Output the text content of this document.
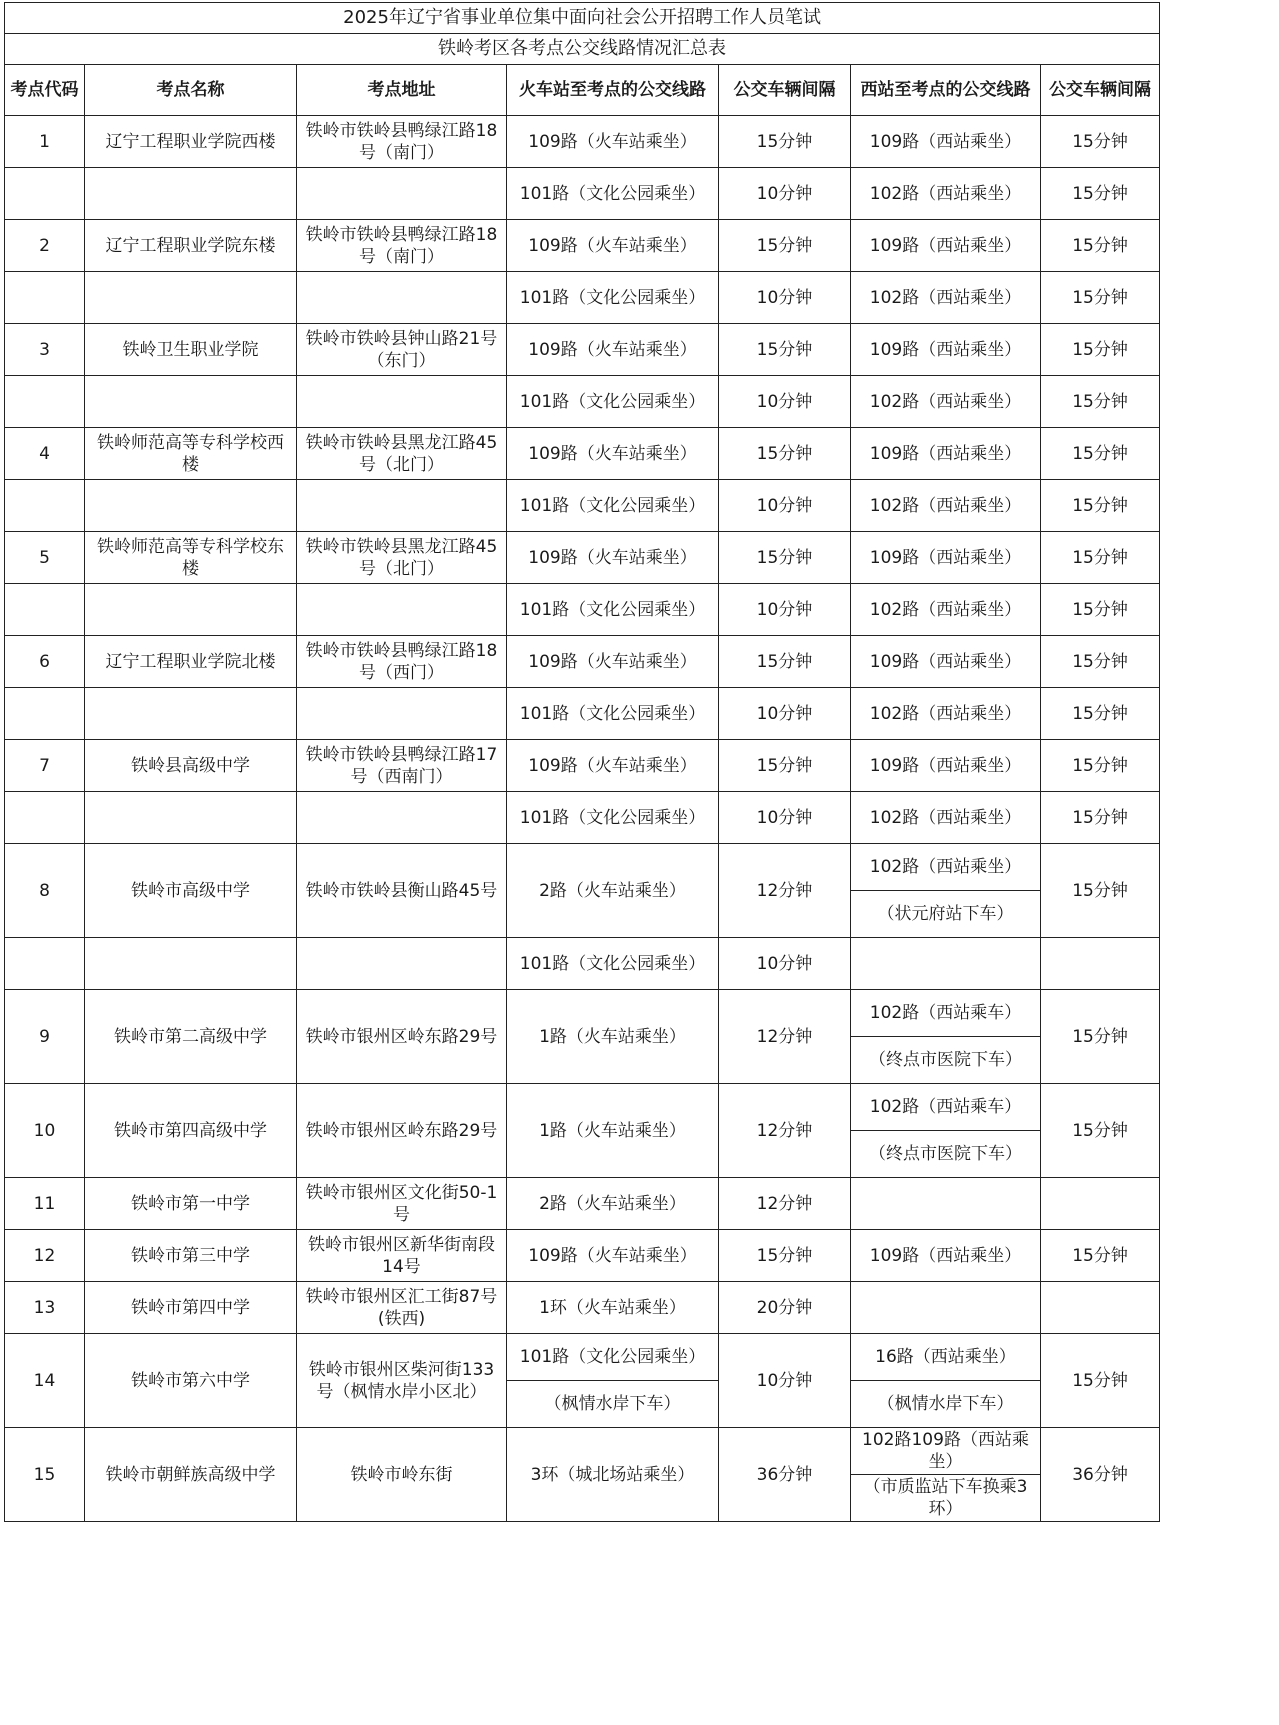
2025年辽宁省事业单位集中面向社会公开招聘工作人员笔试						
铁岭考区各考点公交线路情况汇总表						
考点代码	考点名称	考点地址	火车站至考点的公交线路	公交车辆间隔	西站至考点的公交线路	公交车辆间隔
1	辽宁工程职业学院西楼	铁岭市铁岭县鸭绿江路18号（南门）	109路（火车站乘坐）	15分钟	109路（西站乘坐）	15分钟
			101路（文化公园乘坐）	10分钟	102路（西站乘坐）	15分钟
2	辽宁工程职业学院东楼	铁岭市铁岭县鸭绿江路18号（南门）	109路（火车站乘坐）	15分钟	109路（西站乘坐）	15分钟
			101路（文化公园乘坐）	10分钟	102路（西站乘坐）	15分钟
3	铁岭卫生职业学院	铁岭市铁岭县钟山路21号（东门）	109路（火车站乘坐）	15分钟	109路（西站乘坐）	15分钟
			101路（文化公园乘坐）	10分钟	102路（西站乘坐）	15分钟
4	铁岭师范高等专科学校西楼	铁岭市铁岭县黑龙江路45号（北门）	109路（火车站乘坐）	15分钟	109路（西站乘坐）	15分钟
			101路（文化公园乘坐）	10分钟	102路（西站乘坐）	15分钟
5	铁岭师范高等专科学校东楼	铁岭市铁岭县黑龙江路45号（北门）	109路（火车站乘坐）	15分钟	109路（西站乘坐）	15分钟
			101路（文化公园乘坐）	10分钟	102路（西站乘坐）	15分钟
6	辽宁工程职业学院北楼	铁岭市铁岭县鸭绿江路18号（西门）	109路（火车站乘坐）	15分钟	109路（西站乘坐）	15分钟
			101路（文化公园乘坐）	10分钟	102路（西站乘坐）	15分钟
7	铁岭县高级中学	铁岭市铁岭县鸭绿江路17号（西南门）	109路（火车站乘坐）	15分钟	109路（西站乘坐）	15分钟
			101路（文化公园乘坐）	10分钟	102路（西站乘坐）	15分钟
8	铁岭市高级中学	铁岭市铁岭县衡山路45号	2路（火车站乘坐）	12分钟	102路（西站乘坐）	15分钟
					（状元府站下车）	
			101路（文化公园乘坐）	10分钟		
9	铁岭市第二高级中学	铁岭市银州区岭东路29号	1路（火车站乘坐）	12分钟	102路（西站乘车）	15分钟
					（终点市医院下车）	
10	铁岭市第四高级中学	铁岭市银州区岭东路29号	1路（火车站乘坐）	12分钟	102路（西站乘车）	15分钟
					（终点市医院下车）	
11	铁岭市第一中学	铁岭市银州区文化街50-1号	2路（火车站乘坐）	12分钟		
12	铁岭市第三中学	铁岭市银州区新华街南段14号	109路（火车站乘坐）	15分钟	109路（西站乘坐）	15分钟
13	铁岭市第四中学	铁岭市银州区汇工街87号(铁西)	1环（火车站乘坐）	20分钟		
14	铁岭市第六中学	铁岭市银州区柴河街133号（枫情水岸小区北）	101路（文化公园乘坐）	10分钟	16路（西站乘坐）	15分钟
			（枫情水岸下车）		（枫情水岸下车）	
15	铁岭市朝鲜族高级中学	铁岭市岭东街	3环（城北场站乘坐）	36分钟	102路109路（西站乘坐）	36分钟
					（市质监站下车换乘3环）	
